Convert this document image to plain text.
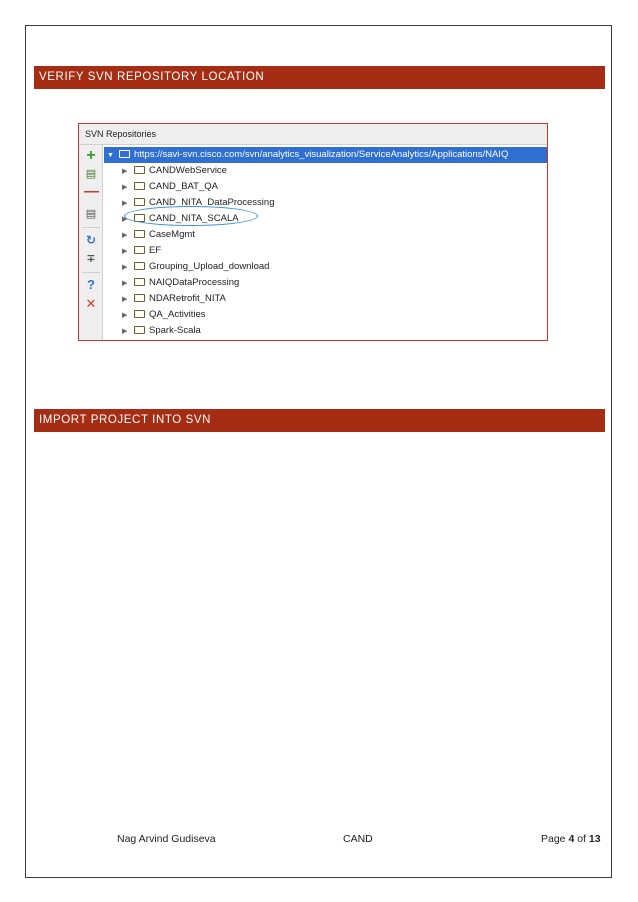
VERIFY SVN REPOSITORY LOCATION
SVN Repositories
+
▤
—
▤
↻
∓
?
✕
▼ https://savi-svn.cisco.com/svn/analytics_visualization/ServiceAnalytics/Applications/NAIQ
▶ CANDWebService
▶ CAND_BAT_QA
▶ CAND_NITA_DataProcessing
▶ CAND_NITA_SCALA
▶ CaseMgmt
▶ EF
▶ Grouping_Upload_download
▶ NAIQDataProcessing
▶ NDARetrofit_NITA
▶ QA_Activities
▶ Spark-Scala
IMPORT PROJECT INTO SVN
Nag Arvind Gudiseva	CAND	Page 4 of 13
